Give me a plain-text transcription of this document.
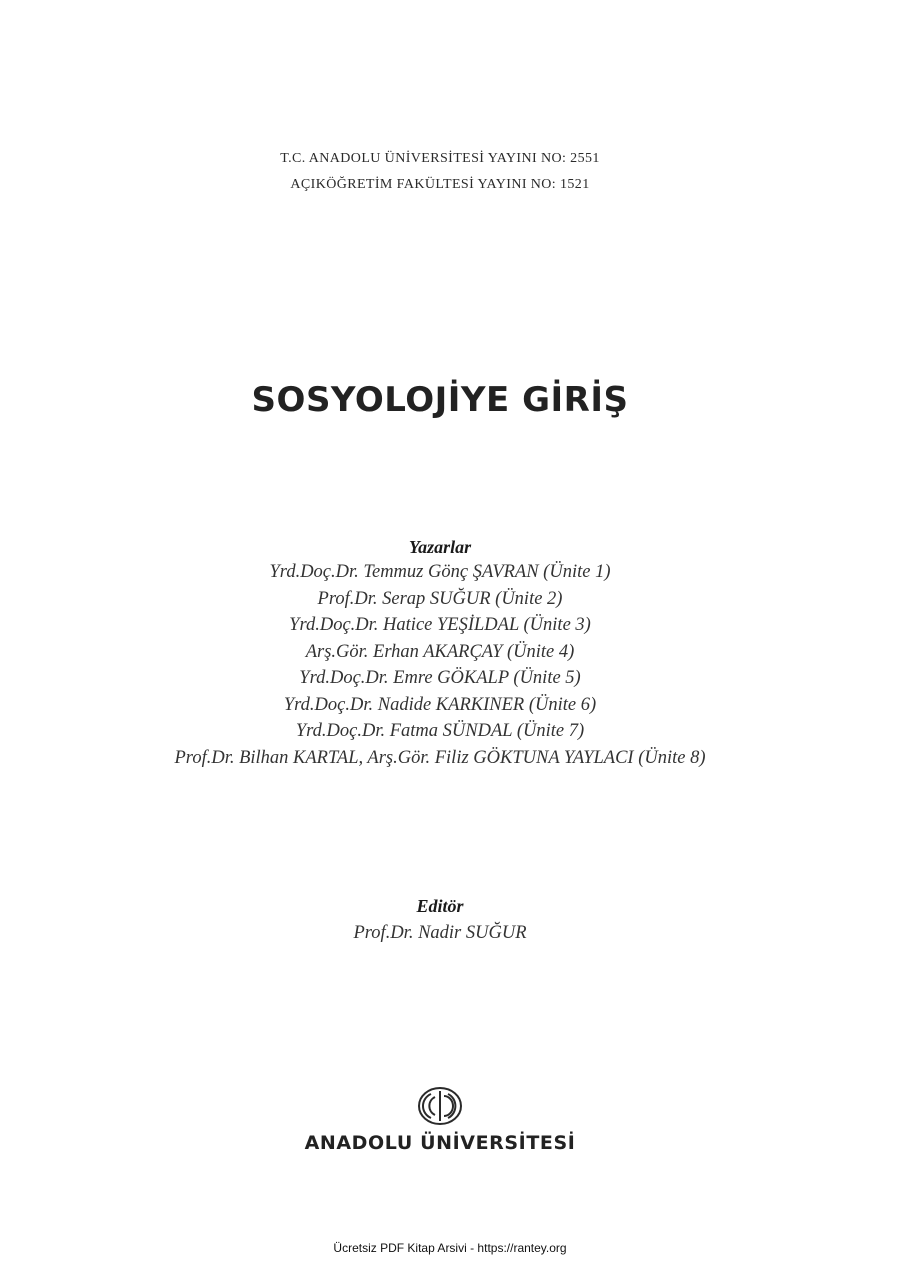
T.C. ANADOLU ÜNİVERSİTESİ YAYINI NO: 2551
AÇIKÖĞRETİM FAKÜLTESİ YAYINI NO: 1521
SOSYOLOJİYE GİRİŞ
Yazarlar
Yrd.Doç.Dr. Temmuz Gönç ŞAVRAN (Ünite 1)
Prof.Dr. Serap SUĞUR (Ünite 2)
Yrd.Doç.Dr. Hatice YEŞİLDAL (Ünite 3)
Arş.Gör. Erhan AKARÇAY (Ünite 4)
Yrd.Doç.Dr. Emre GÖKALP (Ünite 5)
Yrd.Doç.Dr. Nadide KARKINER (Ünite 6)
Yrd.Doç.Dr. Fatma SÜNDAL (Ünite 7)
Prof.Dr. Bilhan KARTAL, Arş.Gör. Filiz GÖKTUNA YAYLACI (Ünite 8)
Editör
Prof.Dr. Nadir SUĞUR
ANADOLU ÜNİVERSİTESİ
Ücretsiz PDF Kitap Arsivi - https://rantey.org
